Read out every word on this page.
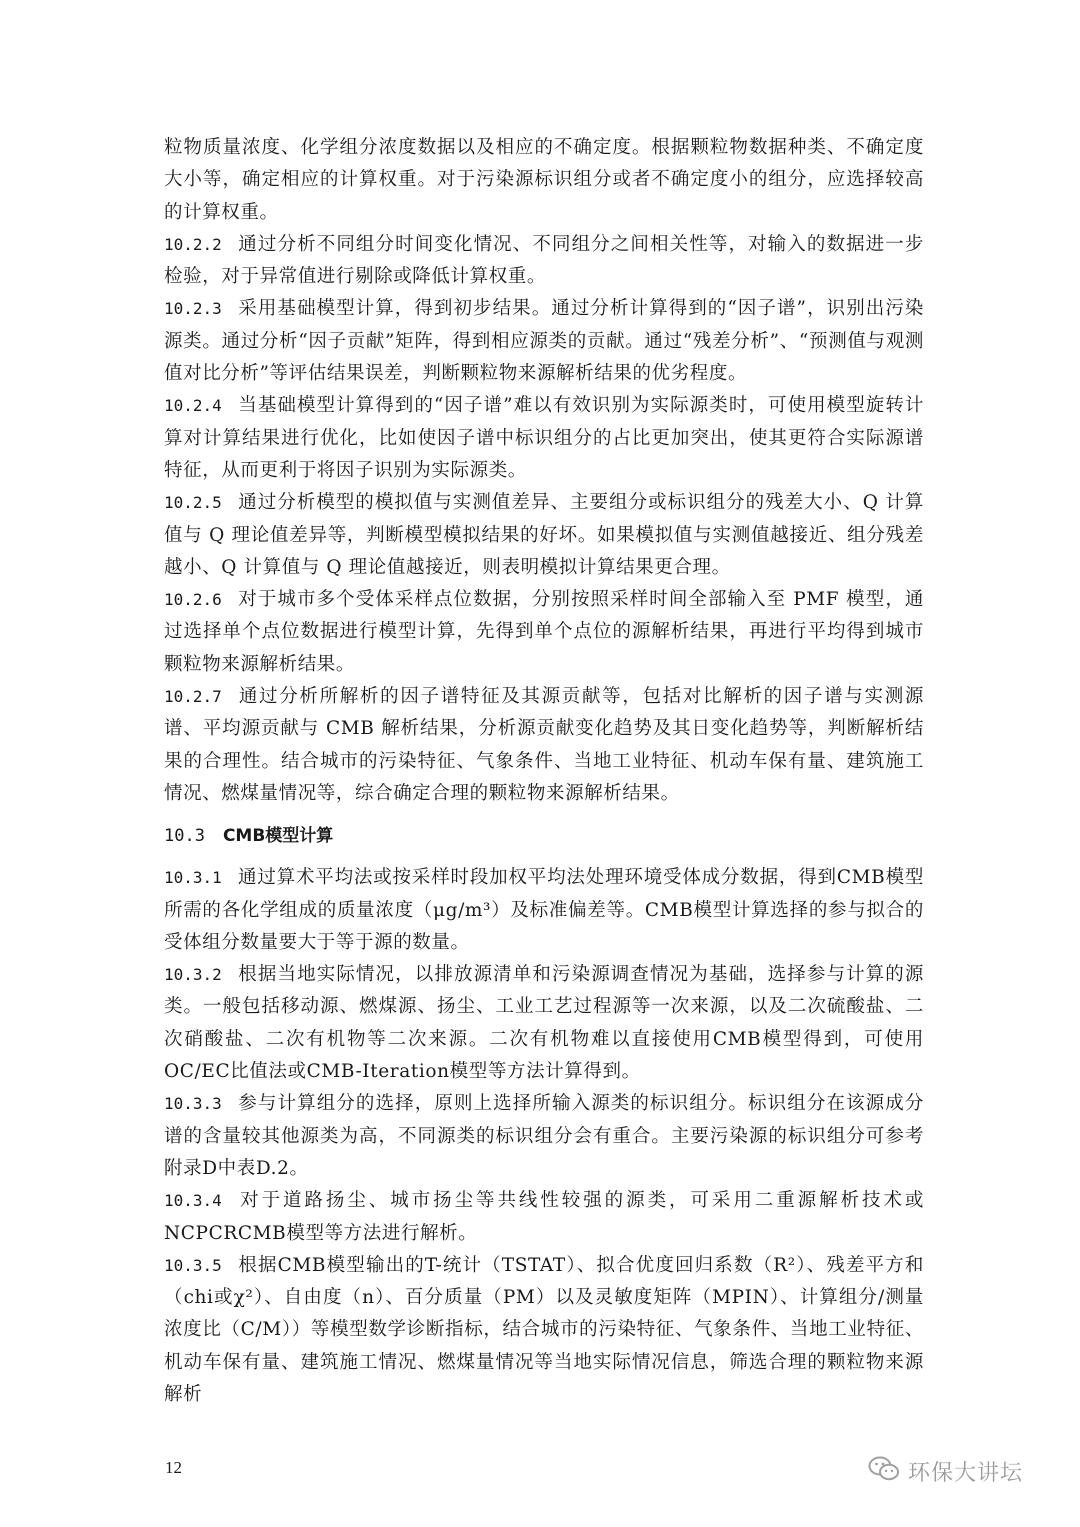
粒物质量浓度、化学组分浓度数据以及相应的不确定度。根据颗粒物数据种类、不确定度大小等，确定相应的计算权重。对于污染源标识组分或者不确定度小的组分，应选择较高的计算权重。

10.2.2 通过分析不同组分时间变化情况、不同组分之间相关性等，对输入的数据进一步检验，对于异常值进行剔除或降低计算权重。

10.2.3 采用基础模型计算，得到初步结果。通过分析计算得到的“因子谱”，识别出污染源类。通过分析“因子贡献”矩阵，得到相应源类的贡献。通过“残差分析”、“预测值与观测值对比分析”等评估结果误差，判断颗粒物来源解析结果的优劣程度。

10.2.4 当基础模型计算得到的“因子谱”难以有效识别为实际源类时，可使用模型旋转计算对计算结果进行优化，比如使因子谱中标识组分的占比更加突出，使其更符合实际源谱特征，从而更利于将因子识别为实际源类。

10.2.5 通过分析模型的模拟值与实测值差异、主要组分或标识组分的残差大小、Q 计算值与 Q 理论值差异等，判断模型模拟结果的好坏。如果模拟值与实测值越接近、组分残差越小、Q 计算值与 Q 理论值越接近，则表明模拟计算结果更合理。

10.2.6 对于城市多个受体采样点位数据，分别按照采样时间全部输入至 PMF 模型，通过选择单个点位数据进行模型计算，先得到单个点位的源解析结果，再进行平均得到城市颗粒物来源解析结果。

10.2.7 通过分析所解析的因子谱特征及其源贡献等，包括对比解析的因子谱与实测源谱、平均源贡献与 CMB 解析结果，分析源贡献变化趋势及其日变化趋势等，判断解析结果的合理性。结合城市的污染特征、气象条件、当地工业特征、机动车保有量、建筑施工情况、燃煤量情况等，综合确定合理的颗粒物来源解析结果。

10.3 CMB模型计算

10.3.1 通过算术平均法或按采样时段加权平均法处理环境受体成分数据，得到CMB模型所需的各化学组成的质量浓度（μg/m³）及标准偏差等。CMB模型计算选择的参与拟合的受体组分数量要大于等于源的数量。

10.3.2 根据当地实际情况，以排放源清单和污染源调查情况为基础，选择参与计算的源类。一般包括移动源、燃煤源、扬尘、工业工艺过程源等一次来源，以及二次硫酸盐、二次硝酸盐、二次有机物等二次来源。二次有机物难以直接使用CMB模型得到，可使用OC/EC比值法或CMB-Iteration模型等方法计算得到。

10.3.3 参与计算组分的选择，原则上选择所输入源类的标识组分。标识组分在该源成分谱的含量较其他源类为高，不同源类的标识组分会有重合。主要污染源的标识组分可参考附录D中表D.2。

10.3.4 对于道路扬尘、城市扬尘等共线性较强的源类，可采用二重源解析技术或NCPCRCMB模型等方法进行解析。

10.3.5 根据CMB模型输出的T-统计（TSTAT）、拟合优度回归系数（R²）、残差平方和（chi或χ²）、自由度（n）、百分质量（PM）以及灵敏度矩阵（MPIN）、计算组分/测量浓度比（C/M））等模型数学诊断指标，结合城市的污染特征、气象条件、当地工业特征、机动车保有量、建筑施工情况、燃煤量情况等当地实际情况信息，筛选合理的颗粒物来源解析

12	环保大讲坛
